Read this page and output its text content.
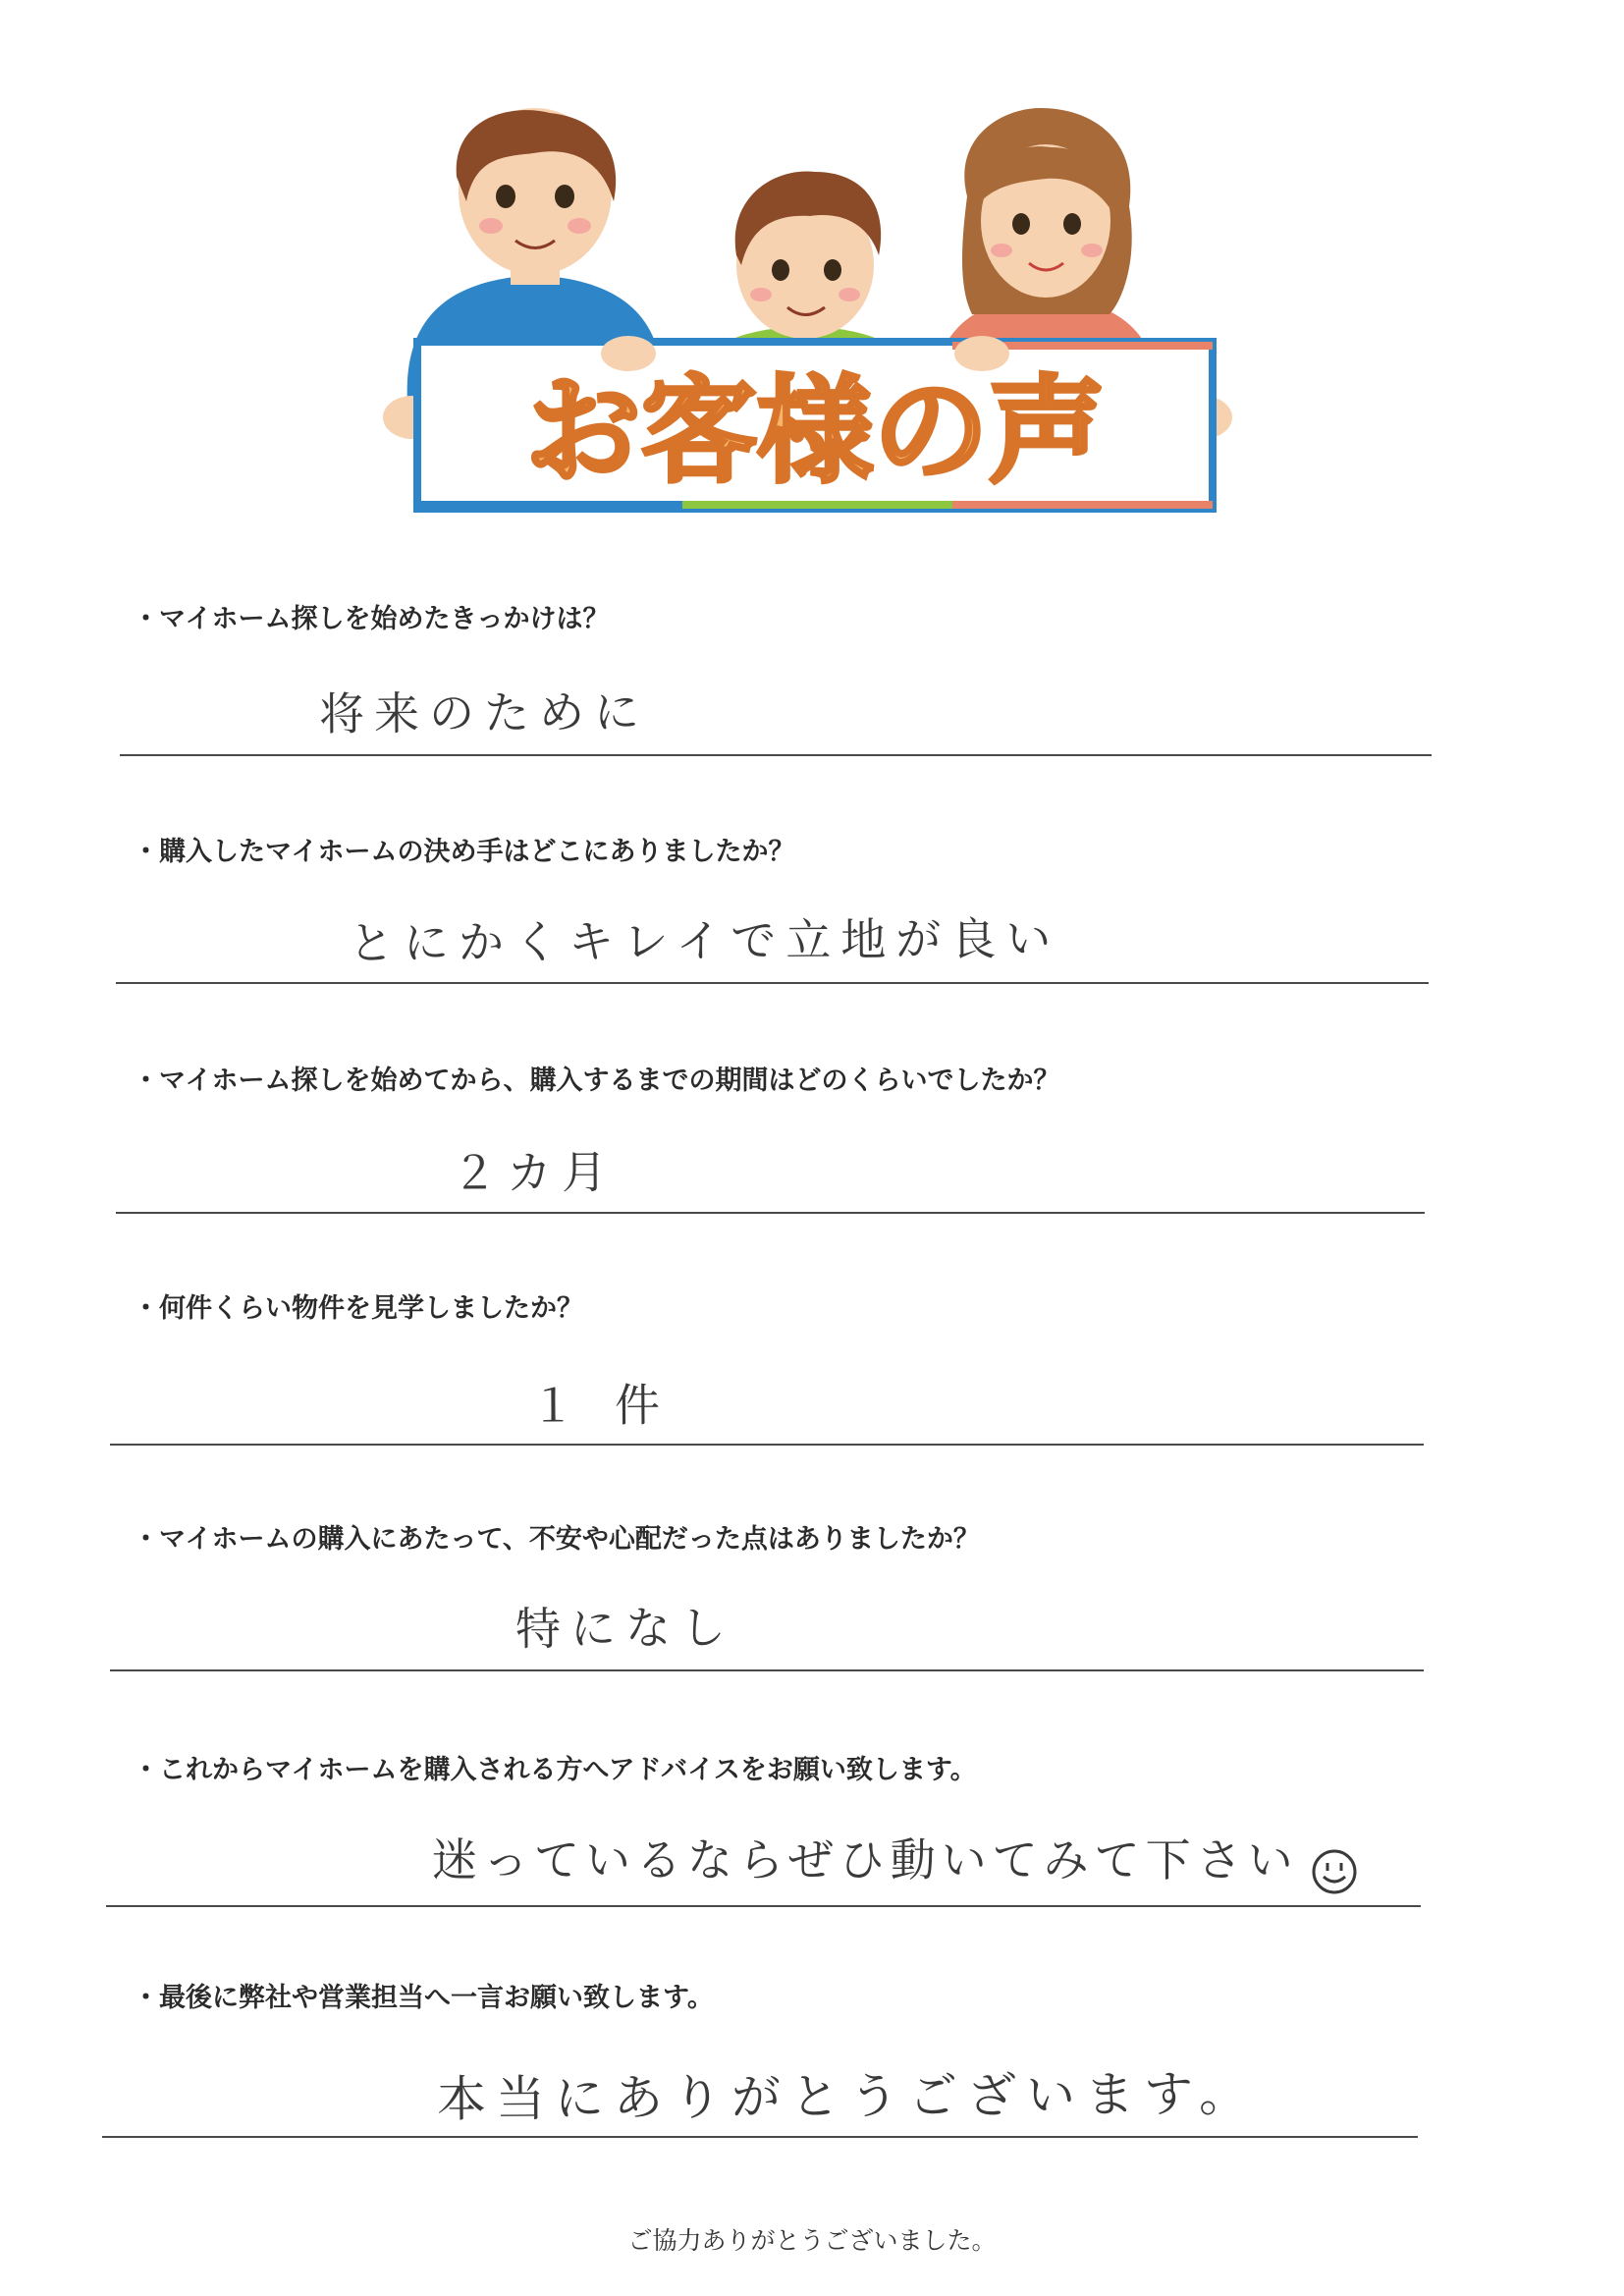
お客様の声
・マイホーム探しを始めたきっかけは？
将来のために
・購入したマイホームの決め手はどこにありましたか？
とにかくキレイで立地が良い
・マイホーム探しを始めてから、購入するまでの期間はどのくらいでしたか？
２カ月
・何件くらい物件を見学しましたか？
１件
・マイホームの購入にあたって、不安や心配だった点はありましたか？
特になし
・これからマイホームを購入される方へアドバイスをお願い致します。
迷っているならぜひ動いてみて下さい
・最後に弊社や営業担当へ一言お願い致します。
本当にありがとうございます。
ご協力ありがとうございました。
